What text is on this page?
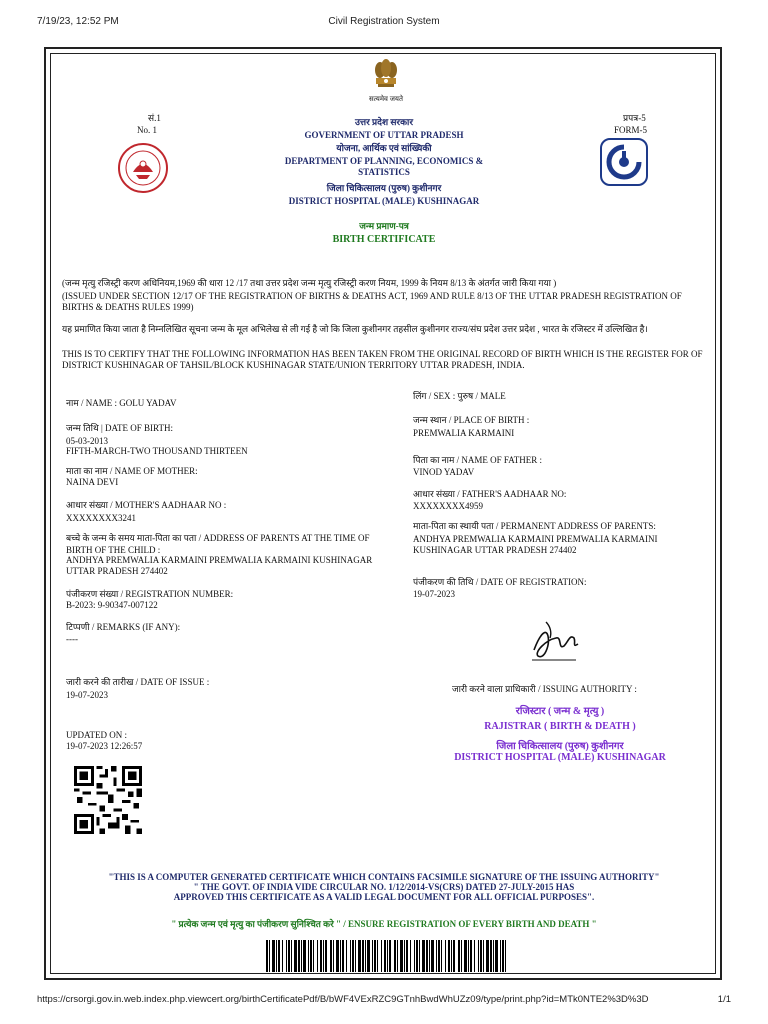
7/19/23, 12:52 PM	Civil Registration System
https://crsorgi.gov.in.web.index.php.viewcert.org/birthCertificatePdf/B/bWF4VExRZC9GTnhBwdWhUZz09/type/print.php?id=MTk0NTE2%3D%3D	1/1
सत्यमेव जयते
सं.1
No. 1
प्रपत्र-5
FORM-5
उत्तर प्रदेश सरकार
GOVERNMENT OF UTTAR PRADESH
योजना, आर्थिक एवं सांख्यिकी
DEPARTMENT OF PLANNING, ECONOMICS &
STATISTICS
जिला चिकित्सालय (पुरुष) कुशीनगर
DISTRICT HOSPITAL (MALE) KUSHINAGAR
जन्म प्रमाण-पत्र
BIRTH CERTIFICATE
(जन्म मृत्यु रजिस्ट्री करण अधिनियम,1969 की धारा 12 /17 तथा उत्तर प्रदेश जन्म मृत्यु रजिस्ट्री करण नियम, 1999 के नियम 8/13 के अंतर्गत जारी किया गया )
(ISSUED UNDER SECTION 12/17 OF THE REGISTRATION OF BIRTHS & DEATHS ACT, 1969 AND RULE 8/13 OF THE UTTAR PRADESH REGISTRATION OF BIRTHS & DEATHS RULES 1999)
यह प्रमाणित किया जाता है निम्नलिखित सूचना जन्म के मूल अभिलेख से ली गई है जो कि जिला कुशीनगर तहसील कुशीनगर राज्य/संघ प्रदेश उत्तर प्रदेश , भारत के रजिस्टर में उल्लिखित है।
THIS IS TO CERTIFY THAT THE FOLLOWING INFORMATION HAS BEEN TAKEN FROM THE ORIGINAL RECORD OF BIRTH WHICH IS THE REGISTER FOR OF DISTRICT KUSHINAGAR OF TAHSIL/BLOCK KUSHINAGAR STATE/UNION TERRITORY UTTAR PRADESH, INDIA.
नाम / NAME : GOLU YADAV
जन्म तिथि | DATE OF BIRTH:
05-03-2013
FIFTH-MARCH-TWO THOUSAND THIRTEEN
माता का नाम / NAME OF MOTHER:
NAINA DEVI
आधार संख्या / MOTHER'S AADHAAR NO :
XXXXXXXX3241
बच्चे के जन्म के समय माता-पिता का पता / ADDRESS OF PARENTS AT THE TIME OF
BIRTH OF THE CHILD :
ANDHYA PREMWALIA KARMAINI PREMWALIA KARMAINI KUSHINAGAR
UTTAR PRADESH 274402
पंजीकरण संख्या / REGISTRATION NUMBER:
B-2023: 9-90347-007122
टिप्पणी / REMARKS (IF ANY):
----
जारी करने की तारीख / DATE OF ISSUE :
19-07-2023
UPDATED ON :
19-07-2023 12:26:57
लिंग / SEX : पुरुष / MALE
जन्म स्थान / PLACE OF BIRTH :
PREMWALIA KARMAINI
पिता का नाम / NAME OF FATHER :
VINOD YADAV
आधार संख्या / FATHER'S AADHAAR NO:
XXXXXXXX4959
माता-पिता का स्थायी पता / PERMANENT ADDRESS OF PARENTS:
ANDHYA PREMWALIA KARMAINI PREMWALIA KARMAINI
KUSHINAGAR UTTAR PRADESH 274402
पंजीकरण की तिथि / DATE OF REGISTRATION:
19-07-2023
जारी करने वाला प्राधिकारी / ISSUING AUTHORITY :
रजिस्टार ( जन्म & मृत्यु )
RAJISTRAR ( BIRTH & DEATH )
जिला चिकित्सालय (पुरुष) कुशीनगर
DISTRICT HOSPITAL (MALE) KUSHINAGAR
"THIS IS A COMPUTER GENERATED CERTIFICATE WHICH CONTAINS FACSIMILE SIGNATURE OF THE ISSUING AUTHORITY"
" THE GOVT. OF INDIA VIDE CIRCULAR NO. 1/12/2014-VS(CRS) DATED 27-JULY-2015 HAS
APPROVED THIS CERTIFICATE AS A VALID LEGAL DOCUMENT FOR ALL OFFICIAL PURPOSES".
" प्रत्येक जन्म एवं मृत्यु का पंजीकरण सुनिश्चित करे " / ENSURE REGISTRATION OF EVERY BIRTH AND DEATH "
